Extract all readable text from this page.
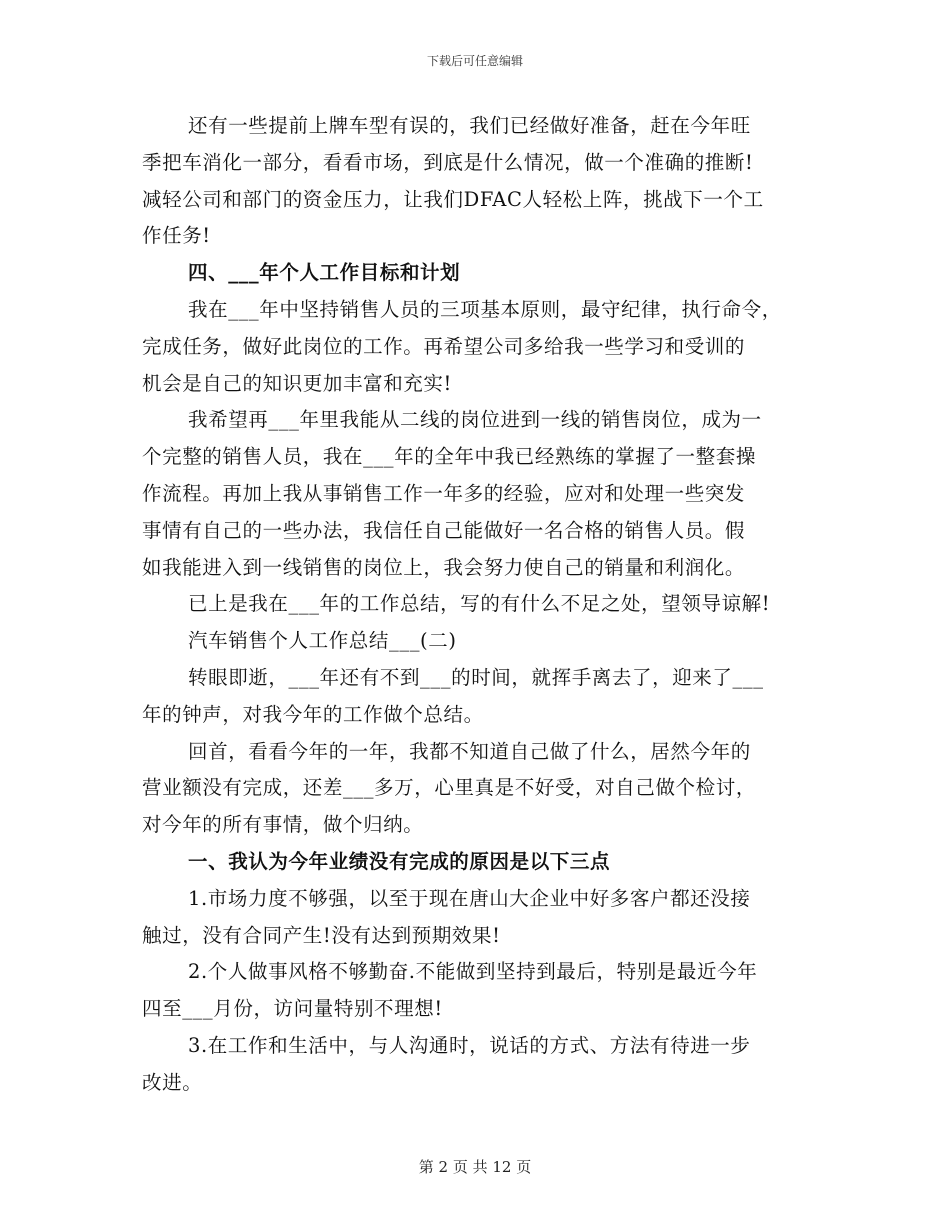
下载后可任意编辑
还有一些提前上牌车型有误的，我们已经做好准备，赶在今年旺
季把车消化一部分，看看市场，到底是什么情况，做一个准确的推断!
减轻公司和部门的资金压力，让我们DFAC人轻松上阵，挑战下一个工
作任务!
四、___年个人工作目标和计划
我在___年中坚持销售人员的三项基本原则，最守纪律，执行命令，
完成任务，做好此岗位的工作。再希望公司多给我一些学习和受训的
机会是自己的知识更加丰富和充实!
我希望再___年里我能从二线的岗位进到一线的销售岗位，成为一
个完整的销售人员，我在___年的全年中我已经熟练的掌握了一整套操
作流程。再加上我从事销售工作一年多的经验，应对和处理一些突发
事情有自己的一些办法，我信任自己能做好一名合格的销售人员。假
如我能进入到一线销售的岗位上，我会努力使自己的销量和利润化。
已上是我在___年的工作总结，写的有什么不足之处，望领导谅解!
汽车销售个人工作总结___(二)
转眼即逝，___年还有不到___的时间，就挥手离去了，迎来了___
年的钟声，对我今年的工作做个总结。
回首，看看今年的一年，我都不知道自己做了什么，居然今年的
营业额没有完成，还差___多万，心里真是不好受，对自己做个检讨，
对今年的所有事情，做个归纳。
一、我认为今年业绩没有完成的原因是以下三点
1.市场力度不够强，以至于现在唐山大企业中好多客户都还没接
触过，没有合同产生!没有达到预期效果!
2.个人做事风格不够勤奋.不能做到坚持到最后，特别是最近今年
四至___月份，访问量特别不理想!
3.在工作和生活中，与人沟通时，说话的方式、方法有待进一步
改进。
第 2 页 共 12 页
